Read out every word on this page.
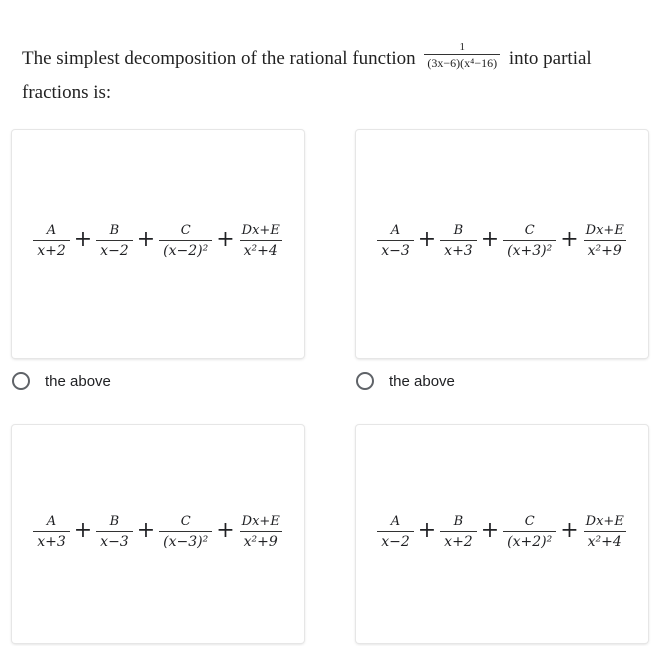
The simplest decomposition of the rational function $\frac{1}{\text{(3x−6)(x⁴−16)}}$ into partial fractions is:
$\frac{A}{x+2} + \frac{B}{x-2} + \frac{C}{\text{(x−2)²}} + \frac{Dx+E}{\text{x²+4}}$
the above
$\frac{A}{x-3} + \frac{B}{x+3} + \frac{C}{\text{(x+3)²}} + \frac{Dx+E}{\text{x²+9}}$
the above
$\frac{A}{x+3} + \frac{B}{x-3} + \frac{C}{\text{(x−3)²}} + \frac{Dx+E}{\text{x²+9}}$	$\frac{A}{x-2} + \frac{B}{x+2} + \frac{C}{\text{(x+2)²}} + \frac{Dx+E}{\text{x²+4}}$
